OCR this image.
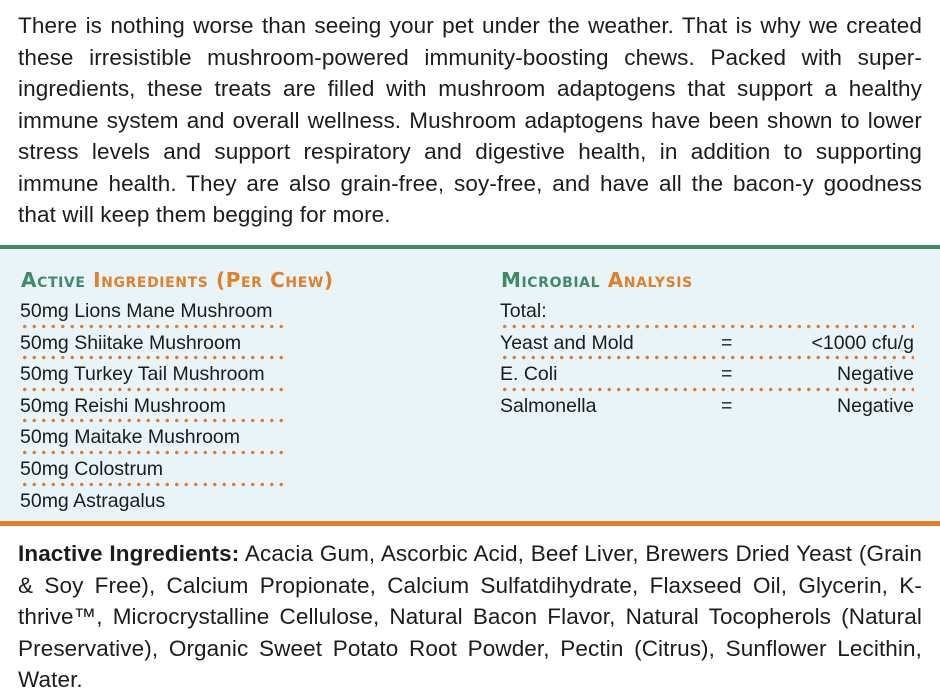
There is nothing worse than seeing your pet under the weather. That is why we created these irresistible mushroom-powered immunity-boosting chews. Packed with super-ingredients, these treats are filled with mushroom adaptogens that support a healthy immune system and overall wellness. Mushroom adaptogens have been shown to lower stress levels and support respiratory and digestive health, in addition to supporting immune health. They are also grain-free, soy-free, and have all the bacon-y goodness that will keep them begging for more.

Active Ingredients (Per Chew)
50mg Lions Mane Mushroom
50mg Shiitake Mushroom
50mg Turkey Tail Mushroom
50mg Reishi Mushroom
50mg Maitake Mushroom
50mg Colostrum
50mg Astragalus
Microbial Analysis
Total:
Yeast and Mold	=	<1000 cfu/g
E. Coli	=	Negative
Salmonella	=	Negative

Inactive Ingredients: Acacia Gum, Ascorbic Acid, Beef Liver, Brewers Dried Yeast (Grain & Soy Free), Calcium Propionate, Calcium Sulfatdihydrate, Flaxseed Oil, Glycerin, K-thrive™, Microcrystalline Cellulose, Natural Bacon Flavor, Natural Tocopherols (Natural Preservative), Organic Sweet Potato Root Powder, Pectin (Citrus), Sunflower Lecithin, Water.
